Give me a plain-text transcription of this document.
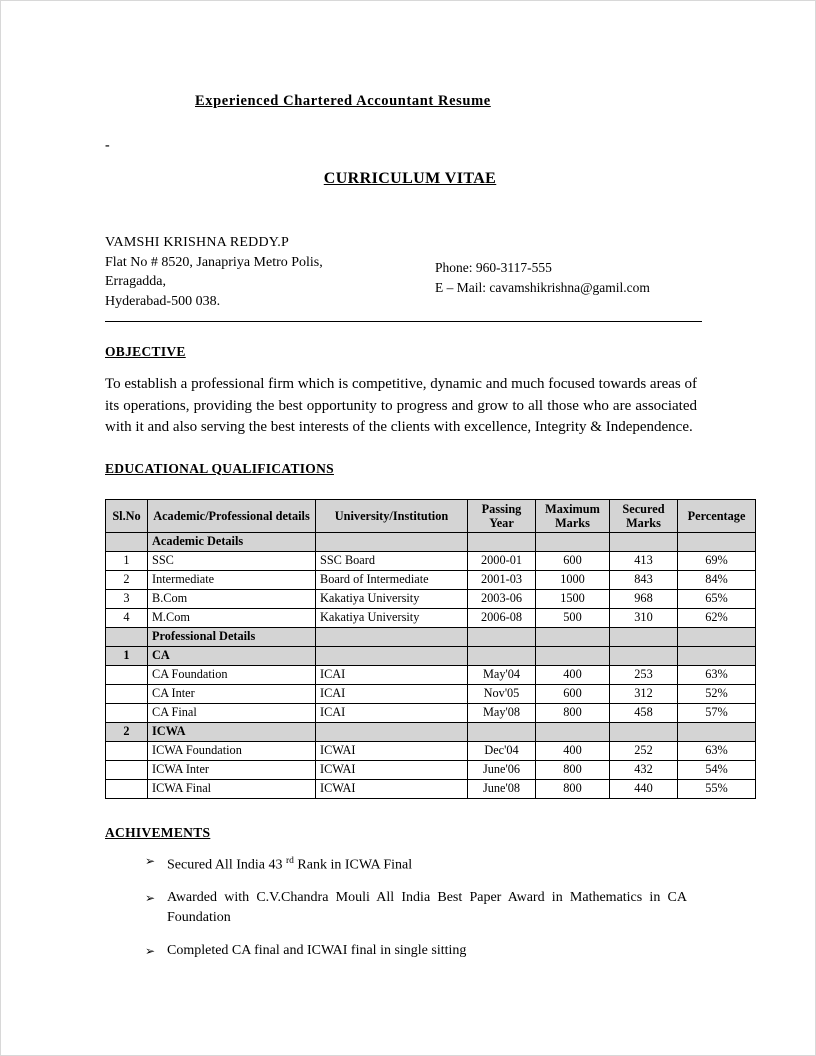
Experienced Chartered Accountant Resume
-
CURRICULUM VITAE
VAMSHI KRISHNA REDDY.P
Flat No # 8520, Janapriya Metro Polis,
Erragadda,
Hyderabad-500 038.
Phone: 960-3117-555
E – Mail: cavamshikrishna@gamil.com
OBJECTIVE
To establish a professional firm which is competitive, dynamic and much focused towards areas of its operations, providing the best opportunity to progress and grow to all those who are associated with it and also serving the best interests of the clients with excellence, Integrity & Independence.
EDUCATIONAL QUALIFICATIONS
Sl.No	Academic/Professional details	University/Institution	Passing Year	Maximum Marks	Secured Marks	Percentage
	Academic Details					
1	SSC	SSC Board	2000-01	600	413	69%
2	Intermediate	Board of Intermediate	2001-03	1000	843	84%
3	B.Com	Kakatiya University	2003-06	1500	968	65%
4	M.Com	Kakatiya University	2006-08	500	310	62%
	Professional Details					
1	CA					
	CA Foundation	ICAI	May'04	400	253	63%
	CA Inter	ICAI	Nov'05	600	312	52%
	CA Final	ICAI	May'08	800	458	57%
2	ICWA					
	ICWA Foundation	ICWAI	Dec'04	400	252	63%
	ICWA Inter	ICWAI	June'06	800	432	54%
	ICWA Final	ICWAI	June'08	800	440	55%
ACHIVEMENTS
➢ Secured All India 43 $^{rd}$ Rank in ICWA Final
➢ Awarded with C.V.Chandra Mouli All India Best Paper Award in Mathematics in CA Foundation
➢ Completed CA final and ICWAI final in single sitting
